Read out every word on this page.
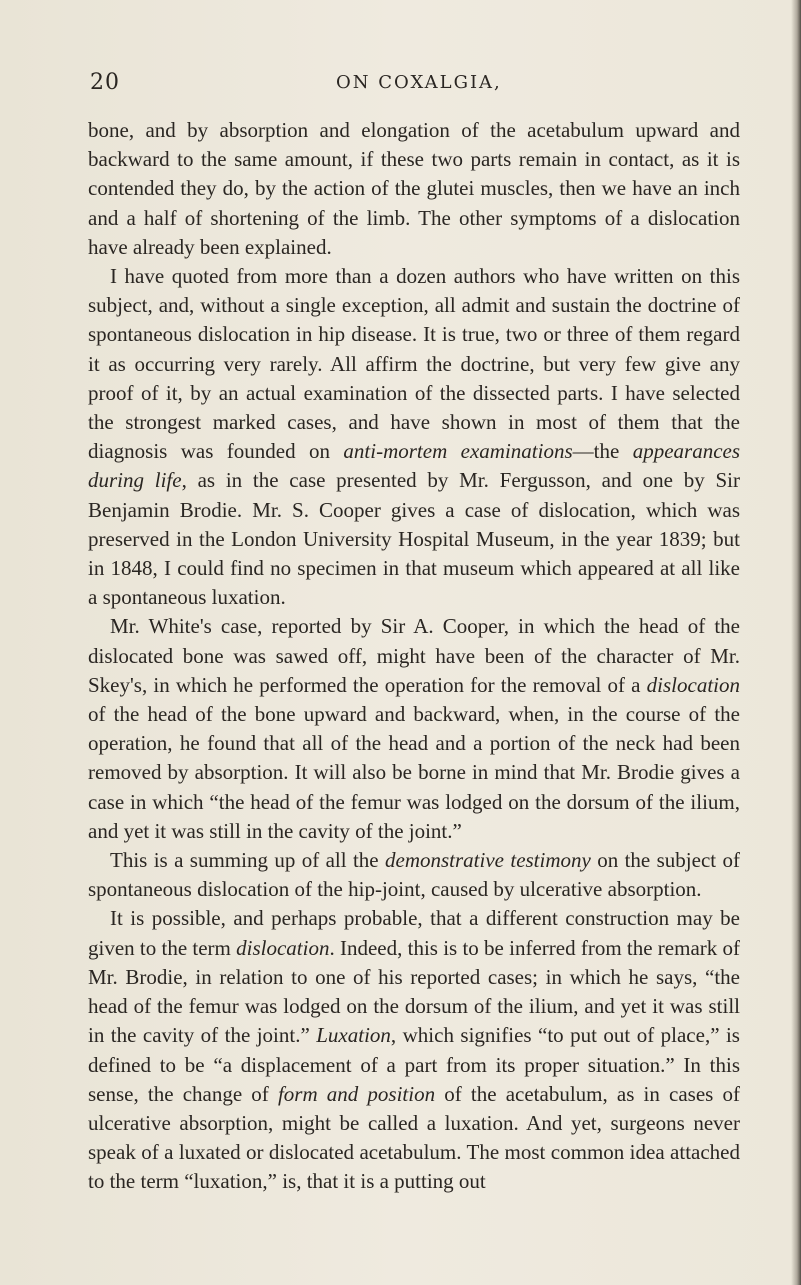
20	ON COXALGIA,

bone, and by absorption and elongation of the acetabulum upward and backward to the same amount, if these two parts remain in contact, as it is contended they do, by the action of the glutei muscles, then we have an inch and a half of shortening of the limb. The other symptoms of a dislocation have already been explained.

I have quoted from more than a dozen authors who have written on this subject, and, without a single exception, all admit and sustain the doctrine of spontaneous dislocation in hip disease. It is true, two or three of them regard it as occurring very rarely. All affirm the doctrine, but very few give any proof of it, by an actual examination of the dissected parts. I have selected the strongest marked cases, and have shown in most of them that the diagnosis was founded on anti-mortem examinations—the appearances during life, as in the case presented by Mr. Fergusson, and one by Sir Benjamin Brodie. Mr. S. Cooper gives a case of dislocation, which was preserved in the London University Hospital Museum, in the year 1839; but in 1848, I could find no specimen in that museum which appeared at all like a spontaneous luxation.

Mr. White's case, reported by Sir A. Cooper, in which the head of the dislocated bone was sawed off, might have been of the character of Mr. Skey's, in which he performed the operation for the removal of a dislocation of the head of the bone upward and backward, when, in the course of the operation, he found that all of the head and a portion of the neck had been removed by absorption. It will also be borne in mind that Mr. Brodie gives a case in which “the head of the femur was lodged on the dorsum of the ilium, and yet it was still in the cavity of the joint.”

This is a summing up of all the demonstrative testimony on the subject of spontaneous dislocation of the hip-joint, caused by ulcerative absorption.

It is possible, and perhaps probable, that a different construction may be given to the term dislocation. Indeed, this is to be inferred from the remark of Mr. Brodie, in relation to one of his reported cases; in which he says, “the head of the femur was lodged on the dorsum of the ilium, and yet it was still in the cavity of the joint.” Luxation, which signifies “to put out of place,” is defined to be “a displacement of a part from its proper situation.” In this sense, the change of form and position of the acetabulum, as in cases of ulcerative absorption, might be called a luxation. And yet, surgeons never speak of a luxated or dislocated acetabulum. The most common idea attached to the term “luxation,” is, that it is a putting out
